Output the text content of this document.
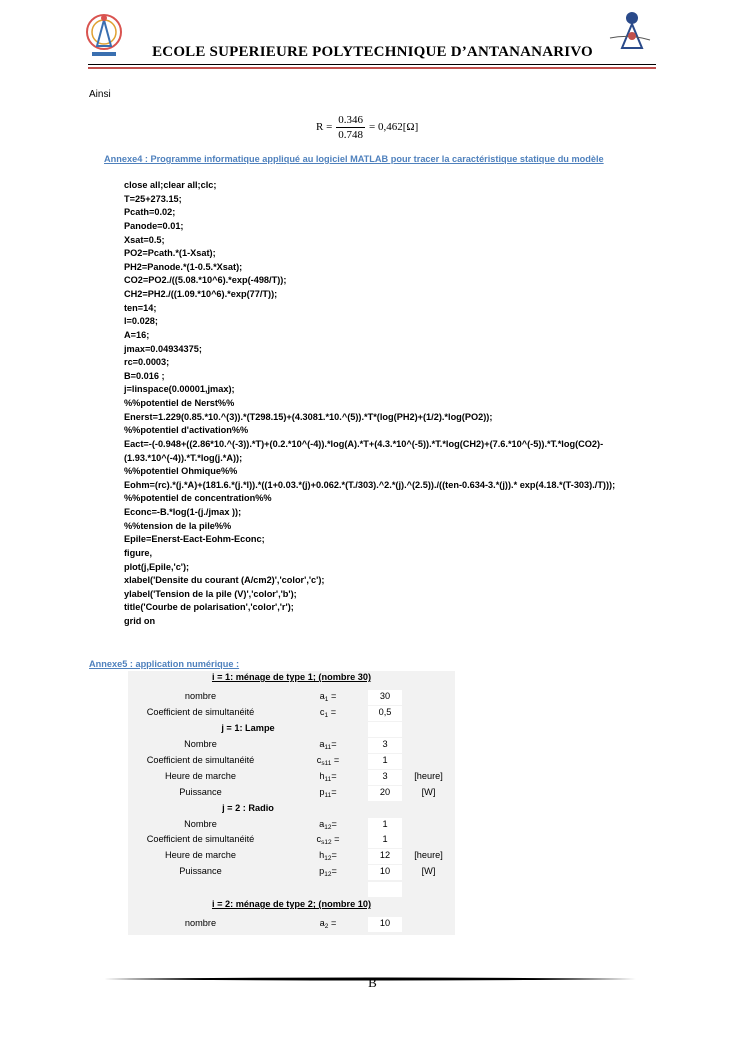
ECOLE SUPERIEURE POLYTECHNIQUE D’ANTANANARIVO
Ainsi
$R = \frac{0.346}{0.748} = 0,462[\Omega]$
Annexe4 : Programme informatique appliqué au logiciel MATLAB pour tracer la caractéristique statique du modèle
close all;clear all;clc;
T=25+273.15;
Pcath=0.02;
Panode=0.01;
Xsat=0.5;
PO2=Pcath.*(1-Xsat);
PH2=Panode.*(1-0.5.*Xsat);
CO2=PO2./((5.08.*10^6).*exp(-498/T));
CH2=PH2./((1.09.*10^6).*exp(77/T));
ten=14;
l=0.028;
A=16;
jmax=0.04934375;
rc=0.0003;
B=0.016 ;
j=linspace(0.00001,jmax);
%%potentiel de Nerst%%
Enerst=1.229(0.85.*10.^(3)).*(T298.15)+(4.3081.*10.^(5)).*T*(log(PH2)+(1/2).*log(PO2));
%%potentiel d'activation%%
Eact=-(-0.948+((2.86*10.^(-3)).*T)+(0.2.*10^(-4)).*log(A).*T+(4.3.*10^(-5)).*T.*log(CH2)+(7.6.*10^(-5)).*T.*log(CO2)-(1.93.*10^(-4)).*T.*log(j.*A));
%%potentiel Ohmique%%
Eohm=(rc).*(j.*A)+(181.6.*(j.*l)).*((1+0.03.*(j)+0.062.*(T./303).^2.*(j).^(2.5))./((ten-0.634-3.*(j)).* exp(4.18.*(T-303)./T)));
%%potentiel de concentration%%
Econc=-B.*log(1-(j./jmax ));
%%tension de la pile%%
Epile=Enerst-Eact-Eohm-Econc;
figure,
plot(j,Epile,'c');
xlabel('Densite du courant (A/cm2)','color','c');
ylabel('Tension de la pile (V)','color','b');
title('Courbe de polarisation','color','r');
grid on
Annexe5 : application numérique :
i = 1: ménage de type 1; (nombre 30)
nombre	$a_1$ =	30
Coefficient de simultanéité	$c_1$ =	0,5
j = 1: Lampe
Nombre	$a_{11}=$	3
Coefficient de simultanéité	$c_{s11}$ =	1
Heure de marche	$h_{11}=$	3	[heure]
Puissance	$p_{11}=$	20	[W]
j = 2 : Radio
Nombre	$a_{12}=$	1
Coefficient de simultanéité	$c_{s12}$ =	1
Heure de marche	$h_{12}=$	12	[heure]
Puissance	$p_{12}=$	10	[W]
i = 2: ménage de type 2; (nombre 10)
nombre	$a_2$ =	10
B
